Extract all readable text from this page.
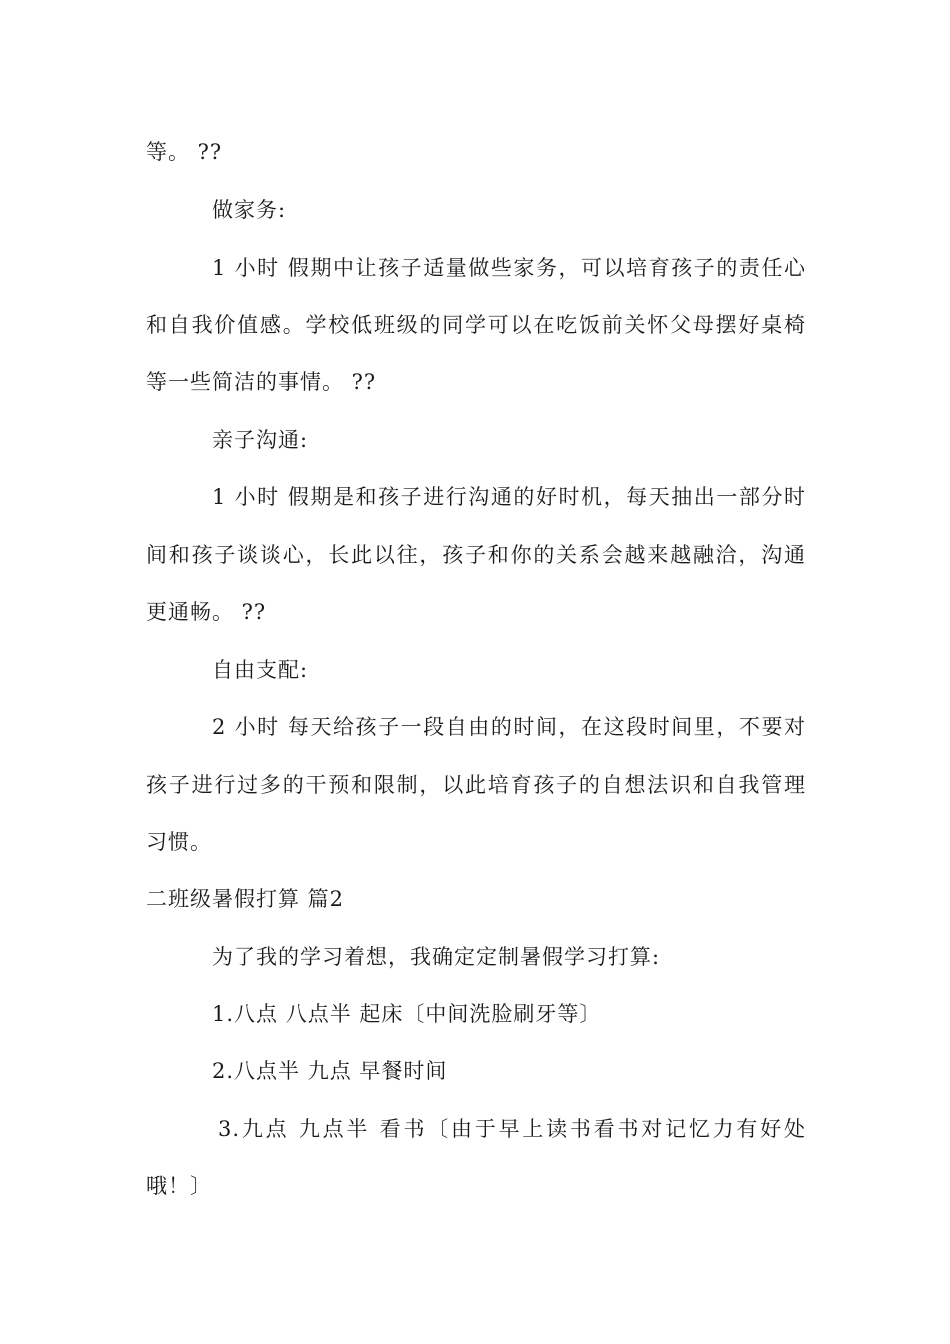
等。 ??
做家务:
1 小时 假期中让孩子适量做些家务，可以培育孩子的责任心
和自我价值感。学校低班级的同学可以在吃饭前关怀父母摆好桌椅
等一些简洁的事情。 ??
亲子沟通:
1 小时 假期是和孩子进行沟通的好时机，每天抽出一部分时
间和孩子谈谈心，长此以往，孩子和你的关系会越来越融洽，沟通
更通畅。 ??
自由支配:
2 小时 每天给孩子一段自由的时间，在这段时间里，不要对
孩子进行过多的干预和限制，以此培育孩子的自想法识和自我管理
习惯。
二班级暑假打算 篇2
为了我的学习着想，我确定定制暑假学习打算:
1.八点 八点半 起床〔中间洗脸刷牙等〕
2.八点半 九点 早餐时间
3.九点 九点半 看书〔由于早上读书看书对记忆力有好处
哦！〕
